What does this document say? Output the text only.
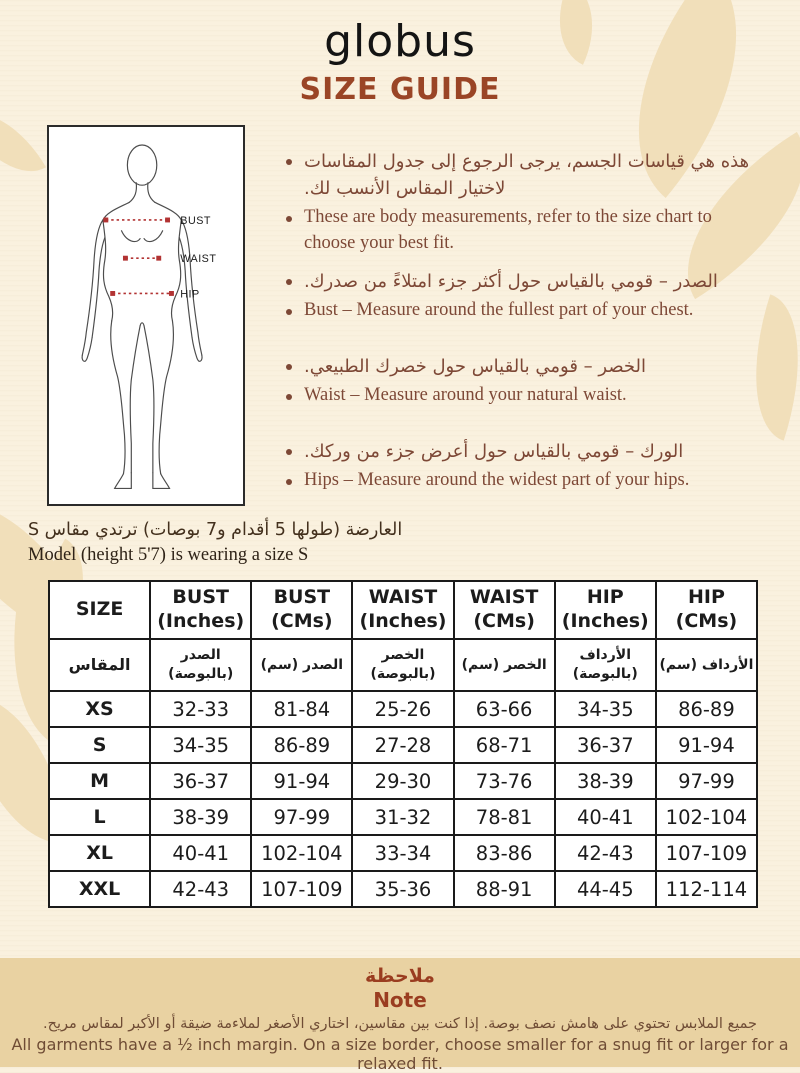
globus
SIZE GUIDE
BUST
WAIST
HIP
هذه هي قياسات الجسم، يرجى الرجوع إلى جدول المقاسات لاختيار المقاس الأنسب لك.
These are body measurements, refer to the size chart to choose your best fit.
الصدر – قومي بالقياس حول أكثر جزء امتلاءً من صدرك.
Bust – Measure around the fullest part of your chest.
الخصر – قومي بالقياس حول خصرك الطبيعي.
Waist – Measure around your natural waist.
الورك – قومي بالقياس حول أعرض جزء من وركك.
Hips – Measure around the widest part of your hips.
العارضة (طولها 5 أقدام و7 بوصات) ترتدي مقاس S
Model (height 5'7) is wearing a size S
SIZE	BUST (Inches)	BUST (CMs)	WAIST (Inches)	WAIST (CMs)	HIP (Inches)	HIP (CMs)
المقاس	الصدر (بالبوصة)	الصدر (سم)	الخصر (بالبوصة)	الخصر (سم)	الأرداف (بالبوصة)	الأرداف (سم)
XS	32-33	81-84	25-26	63-66	34-35	86-89
S	34-35	86-89	27-28	68-71	36-37	91-94
M	36-37	91-94	29-30	73-76	38-39	97-99
L	38-39	97-99	31-32	78-81	40-41	102-104
XL	40-41	102-104	33-34	83-86	42-43	107-109
XXL	42-43	107-109	35-36	88-91	44-45	112-114
ملاحظة
Note
جميع الملابس تحتوي على هامش نصف بوصة. إذا كنت بين مقاسين، اختاري الأصغر لملاءمة ضيقة أو الأكبر لمقاس مريح.
All garments have a ½ inch margin. On a size border, choose smaller for a snug fit or larger for a relaxed fit.
